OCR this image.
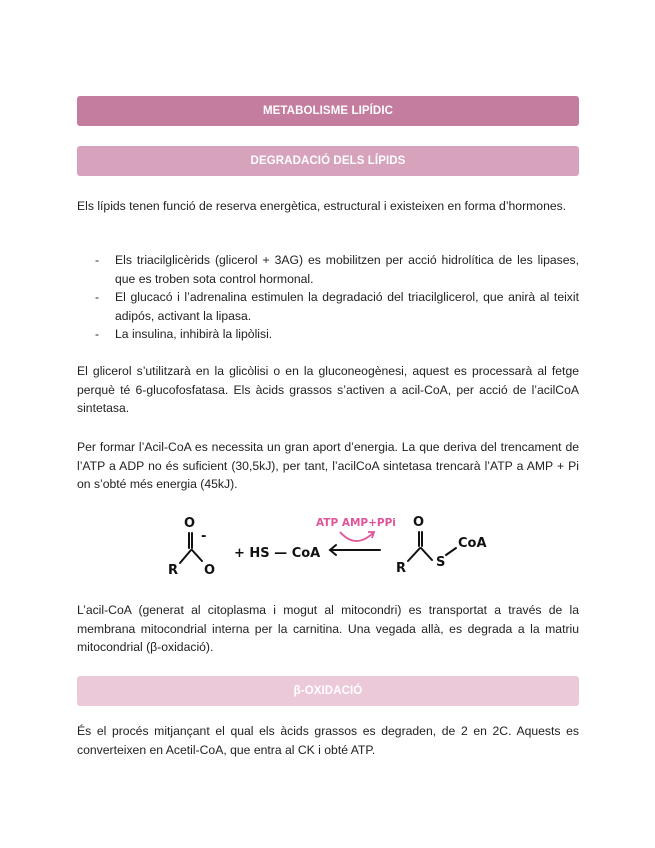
METABOLISME LIPÍDIC
DEGRADACIÓ DELS LÍPIDS

Els lípids tenen funció de reserva energètica, estructural i existeixen en forma d’hormones.

- Els triacilglicèrids (glicerol + 3AG) es mobilitzen per acció hidrolítica de les lipases, que es troben sota control hormonal.
- El glucacó i l’adrenalina estimulen la degradació del triacilglicerol, que anirà al teixit adipós, activant la lipasa.
- La insulina, inhibirà la lipòlisi.

El glicerol s’utilitzarà en la glicòlisi o en la gluconeogènesi, aquest es processarà al fetge perquè té 6-glucofosfatasa. Els àcids grassos s’activen a acil-CoA, per acció de l’acilCoA sintetasa.

Per formar l’Acil-CoA es necessita un gran aport d’energia. La que deriva del trencament de l’ATP a ADP no és suficient (30,5kJ), per tant, l’acilCoA sintetasa trencarà l’ATP a AMP + Pi on s’obté més energia (45kJ).

L’acil-CoA (generat al citoplasma i mogut al mitocondri) es transportat a través de la membrana mitocondrial interna per la carnitina. Una vegada allà, es degrada a la matriu mitocondrial (β-oxidació).

β-OXIDACIÓ

És el procés mitjançant el qual els àcids grassos es degraden, de 2 en 2C. Aquests es converteixen en Acetil-CoA, que entra al CK i obté ATP.

O
-
R O
+ HS — CoA
O
R S
CoA
ATP AMP+PPi
